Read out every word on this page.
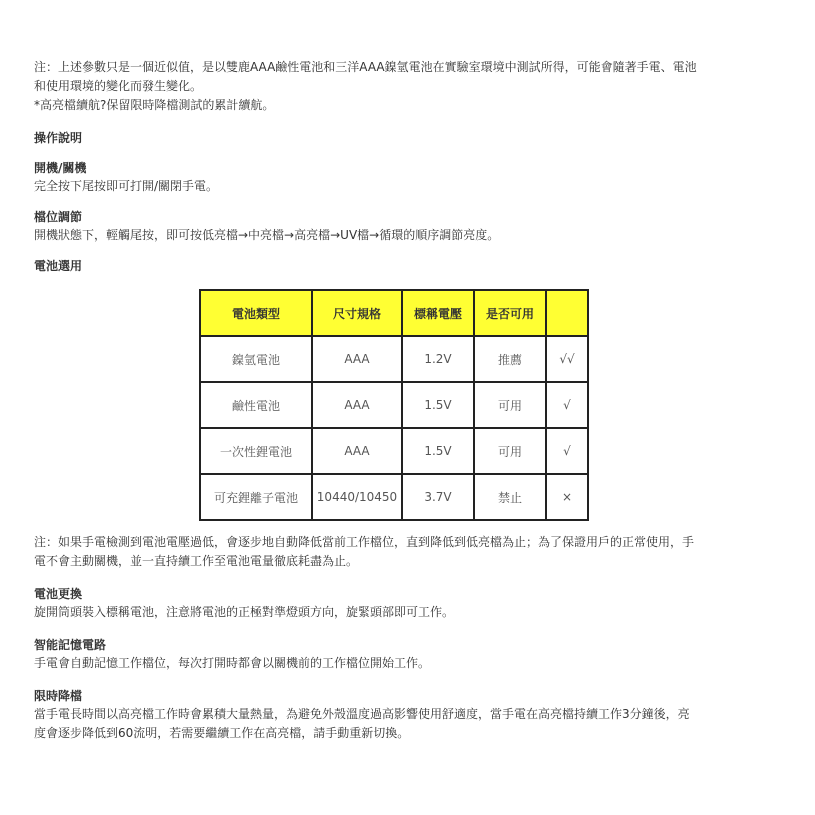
注：上述參數只是一個近似值，是以雙鹿AAA鹼性電池和三洋AAA鎳氫電池在實驗室環境中測試所得，可能會隨著手電、電池

和使用環境的變化而發生變化。

*高亮檔續航?保留限時降檔測試的累計續航。

操作說明

開機/關機

完全按下尾按即可打開/關閉手電。

檔位調節

開機狀態下，輕觸尾按，即可按低亮檔→中亮檔→高亮檔→UV檔→循環的順序調節亮度。

電池選用

電池類型	尺寸規格	標稱電壓	是否可用	
鎳氫電池	AAA	1.2V	推薦	√√
鹼性電池	AAA	1.5V	可用	√
一次性鋰電池	AAA	1.5V	可用	√
可充鋰離子電池	10440/10450	3.7V	禁止	×

注：如果手電檢測到電池電壓過低，會逐步地自動降低當前工作檔位，直到降低到低亮檔為止；為了保證用戶的正常使用，手

電不會主動關機，並一直持續工作至電池電量徹底耗盡為止。

電池更換

旋開筒頭裝入標稱電池，注意將電池的正極對準燈頭方向，旋緊頭部即可工作。

智能記憶電路

手電會自動記憶工作檔位，每次打開時都會以關機前的工作檔位開始工作。

限時降檔

當手電長時間以高亮檔工作時會累積大量熱量，為避免外殼溫度過高影響使用舒適度，當手電在高亮檔持續工作3分鐘後，亮

度會逐步降低到60流明，若需要繼續工作在高亮檔，請手動重新切換。
